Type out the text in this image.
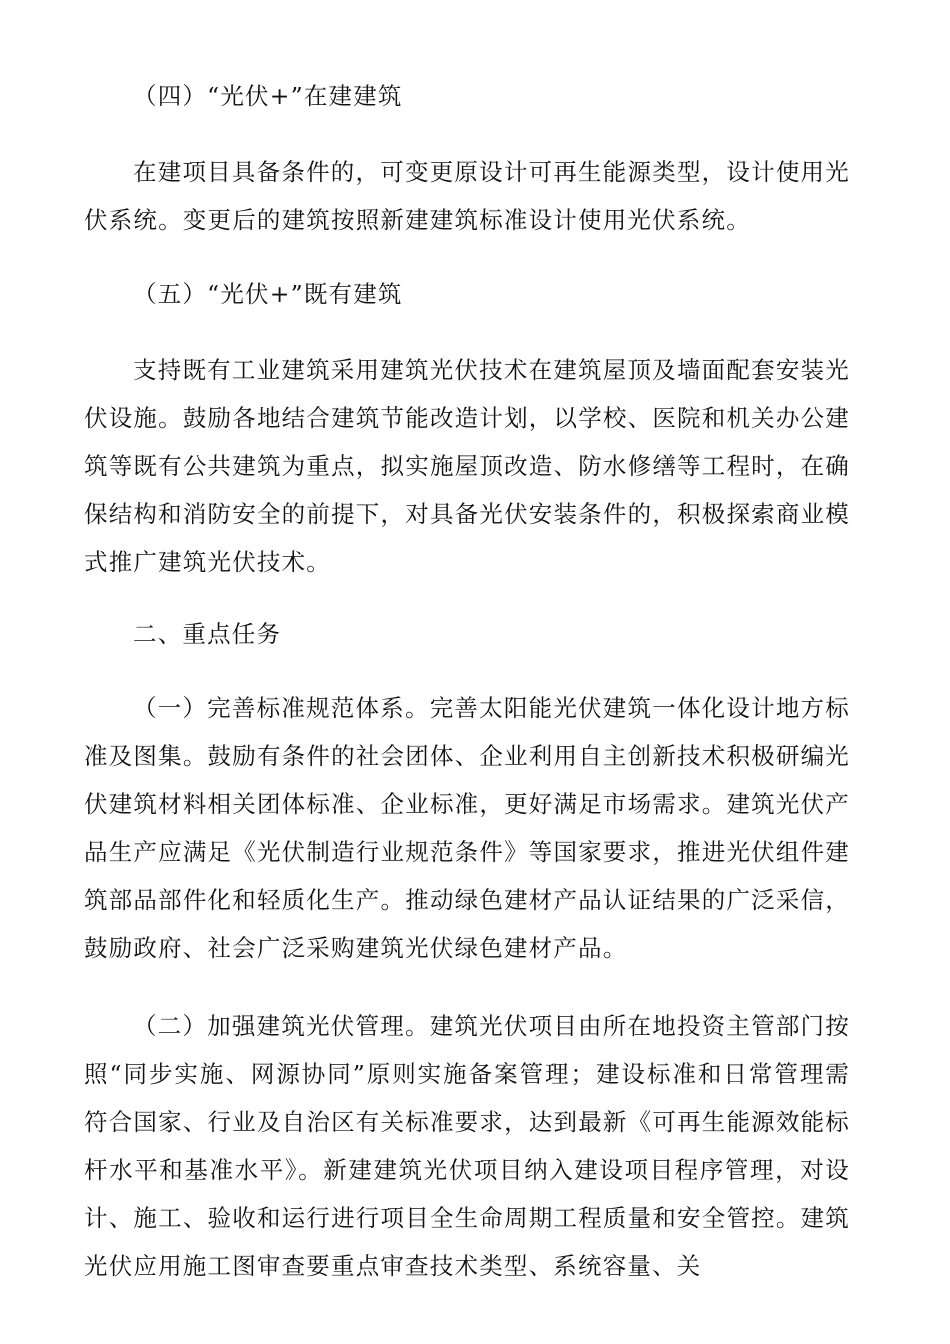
（四）“光伏+”在建建筑

在建项目具备条件的，可变更原设计可再生能源类型，设计使用光伏系统。变更后的建筑按照新建建筑标准设计使用光伏系统。

（五）“光伏+”既有建筑

支持既有工业建筑采用建筑光伏技术在建筑屋顶及墙面配套安装光伏设施。鼓励各地结合建筑节能改造计划，以学校、医院和机关办公建筑等既有公共建筑为重点，拟实施屋顶改造、防水修缮等工程时，在确保结构和消防安全的前提下，对具备光伏安装条件的，积极探索商业模式推广建筑光伏技术。

二、重点任务

（一）完善标准规范体系。完善太阳能光伏建筑一体化设计地方标准及图集。鼓励有条件的社会团体、企业利用自主创新技术积极研编光伏建筑材料相关团体标准、企业标准，更好满足市场需求。建筑光伏产品生产应满足《光伏制造行业规范条件》等国家要求，推进光伏组件建筑部品部件化和轻质化生产。推动绿色建材产品认证结果的广泛采信，鼓励政府、社会广泛采购建筑光伏绿色建材产品。

（二）加强建筑光伏管理。建筑光伏项目由所在地投资主管部门按照“同步实施、网源协同”原则实施备案管理；建设标准和日常管理需符合国家、行业及自治区有关标准要求，达到最新《可再生能源效能标杆水平和基准水平》。新建建筑光伏项目纳入建设项目程序管理，对设计、施工、验收和运行进行项目全生命周期工程质量和安全管控。建筑光伏应用施工图审查要重点审查技术类型、系统容量、关
